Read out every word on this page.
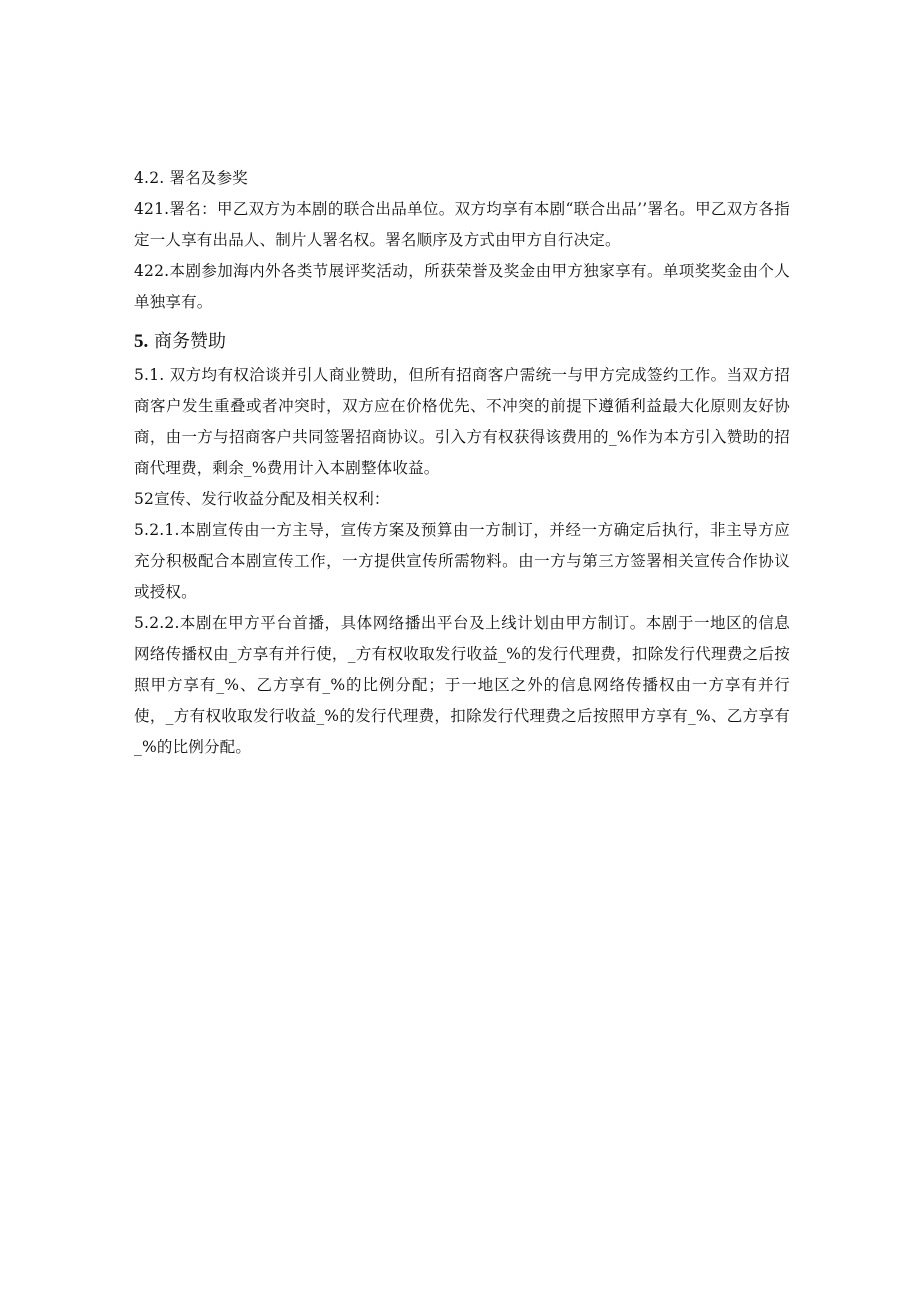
4.2. 署名及参奖

421.署名：甲乙双方为本剧的联合出品单位。双方均享有本剧“联合出品’’署名。甲乙双方各指定一人享有出品人、制片人署名权。署名顺序及方式由甲方自行决定。

422.本剧参加海内外各类节展评奖活动，所获荣誉及奖金由甲方独家享有。单项奖奖金由个人单独享有。

5. 商务赞助

5.1. 双方均有权洽谈并引人商业赞助，但所有招商客户需统一与甲方完成签约工作。当双方招商客户发生重叠或者冲突时，双方应在价格优先、不冲突的前提下遵循利益最大化原则友好协商，由一方与招商客户共同签署招商协议。引入方有权获得该费用的_%作为本方引入赞助的招商代理费，剩余_%费用计入本剧整体收益。

52宣传、发行收益分配及相关权利：

5.2.1.本剧宣传由一方主导，宣传方案及预算由一方制订，并经一方确定后执行，非主导方应充分积极配合本剧宣传工作，一方提供宣传所需物料。由一方与第三方签署相关宣传合作协议或授权。

5.2.2.本剧在甲方平台首播，具体网络播出平台及上线计划由甲方制订。本剧于一地区的信息网络传播权由_方享有并行使，_方有权收取发行收益_%的发行代理费，扣除发行代理费之后按照甲方享有_%、乙方享有_%的比例分配；于一地区之外的信息网络传播权由一方享有并行使，_方有权收取发行收益_%的发行代理费，扣除发行代理费之后按照甲方享有_%、乙方享有_%的比例分配。
